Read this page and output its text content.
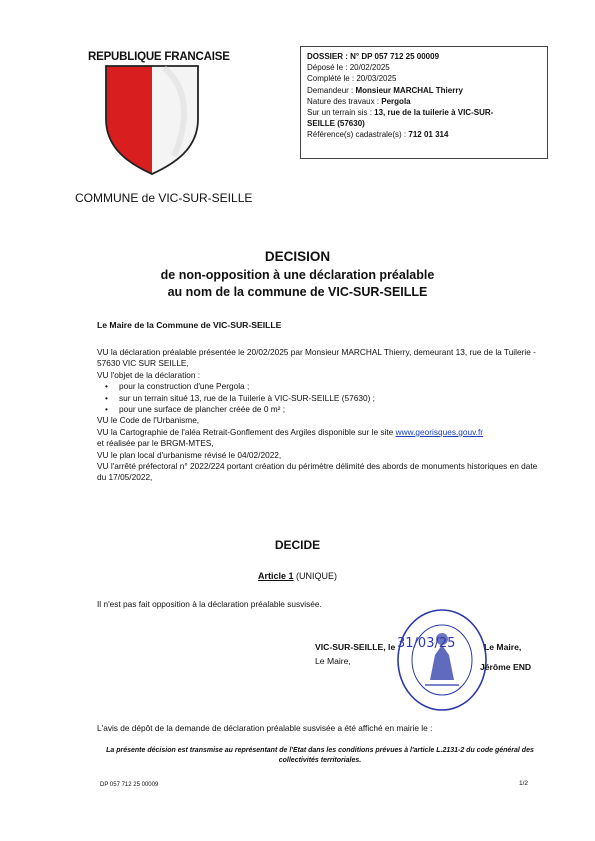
REPUBLIQUE FRANCAISE
COMMUNE de VIC-SUR-SEILLE
DOSSIER : N° DP 057 712 25 00009
Déposé le : 20/02/2025
Complété le : 20/03/2025
Demandeur : Monsieur MARCHAL Thierry
Nature des travaux : Pergola
Sur un terrain sis : 13, rue de la tuilerie à VIC-SUR-
SEILLE (57630)
Référence(s) cadastrale(s) : 712 01 314
DECISION
de non-opposition à une déclaration préalable
au nom de la commune de VIC-SUR-SEILLE
Le Maire de la Commune de VIC-SUR-SEILLE
VU la déclaration préalable présentée le 20/02/2025 par Monsieur MARCHAL Thierry, demeurant 13, rue de la Tuilerie - 57630 VIC SUR SEILLE,
VU l'objet de la déclaration :
• pour la construction d'une Pergola ;
• sur un terrain situé 13, rue de la Tuilerie à VIC-SUR-SEILLE (57630) ;
• pour une surface de plancher créée de 0 m² ;
VU le Code de l'Urbanisme,
VU la Cartographie de l'aléa Retrait-Gonflement des Argiles disponible sur le site www.georisques.gouv.fr
et réalisée par le BRGM-MTES,
VU le plan local d'urbanisme révisé le 04/02/2022,
VU l'arrêté préfectoral n° 2022/224 portant création du périmètre délimité des abords de monuments historiques en date du 17/05/2022,
DECIDE
Article 1 (UNIQUE)
Il n'est pas fait opposition à la déclaration préalable susvisée.
VIC-SUR-SEILLE, le 31/03/25	Le Maire,
Le Maire,
Jérôme END
L'avis de dépôt de la demande de déclaration préalable susvisée a été affiché en mairie le :
La présente décision est transmise au représentant de l'Etat dans les conditions prévues à l'article L.2131-2 du code général des collectivités territoriales.
DP 057 712 25 00009	1/2
